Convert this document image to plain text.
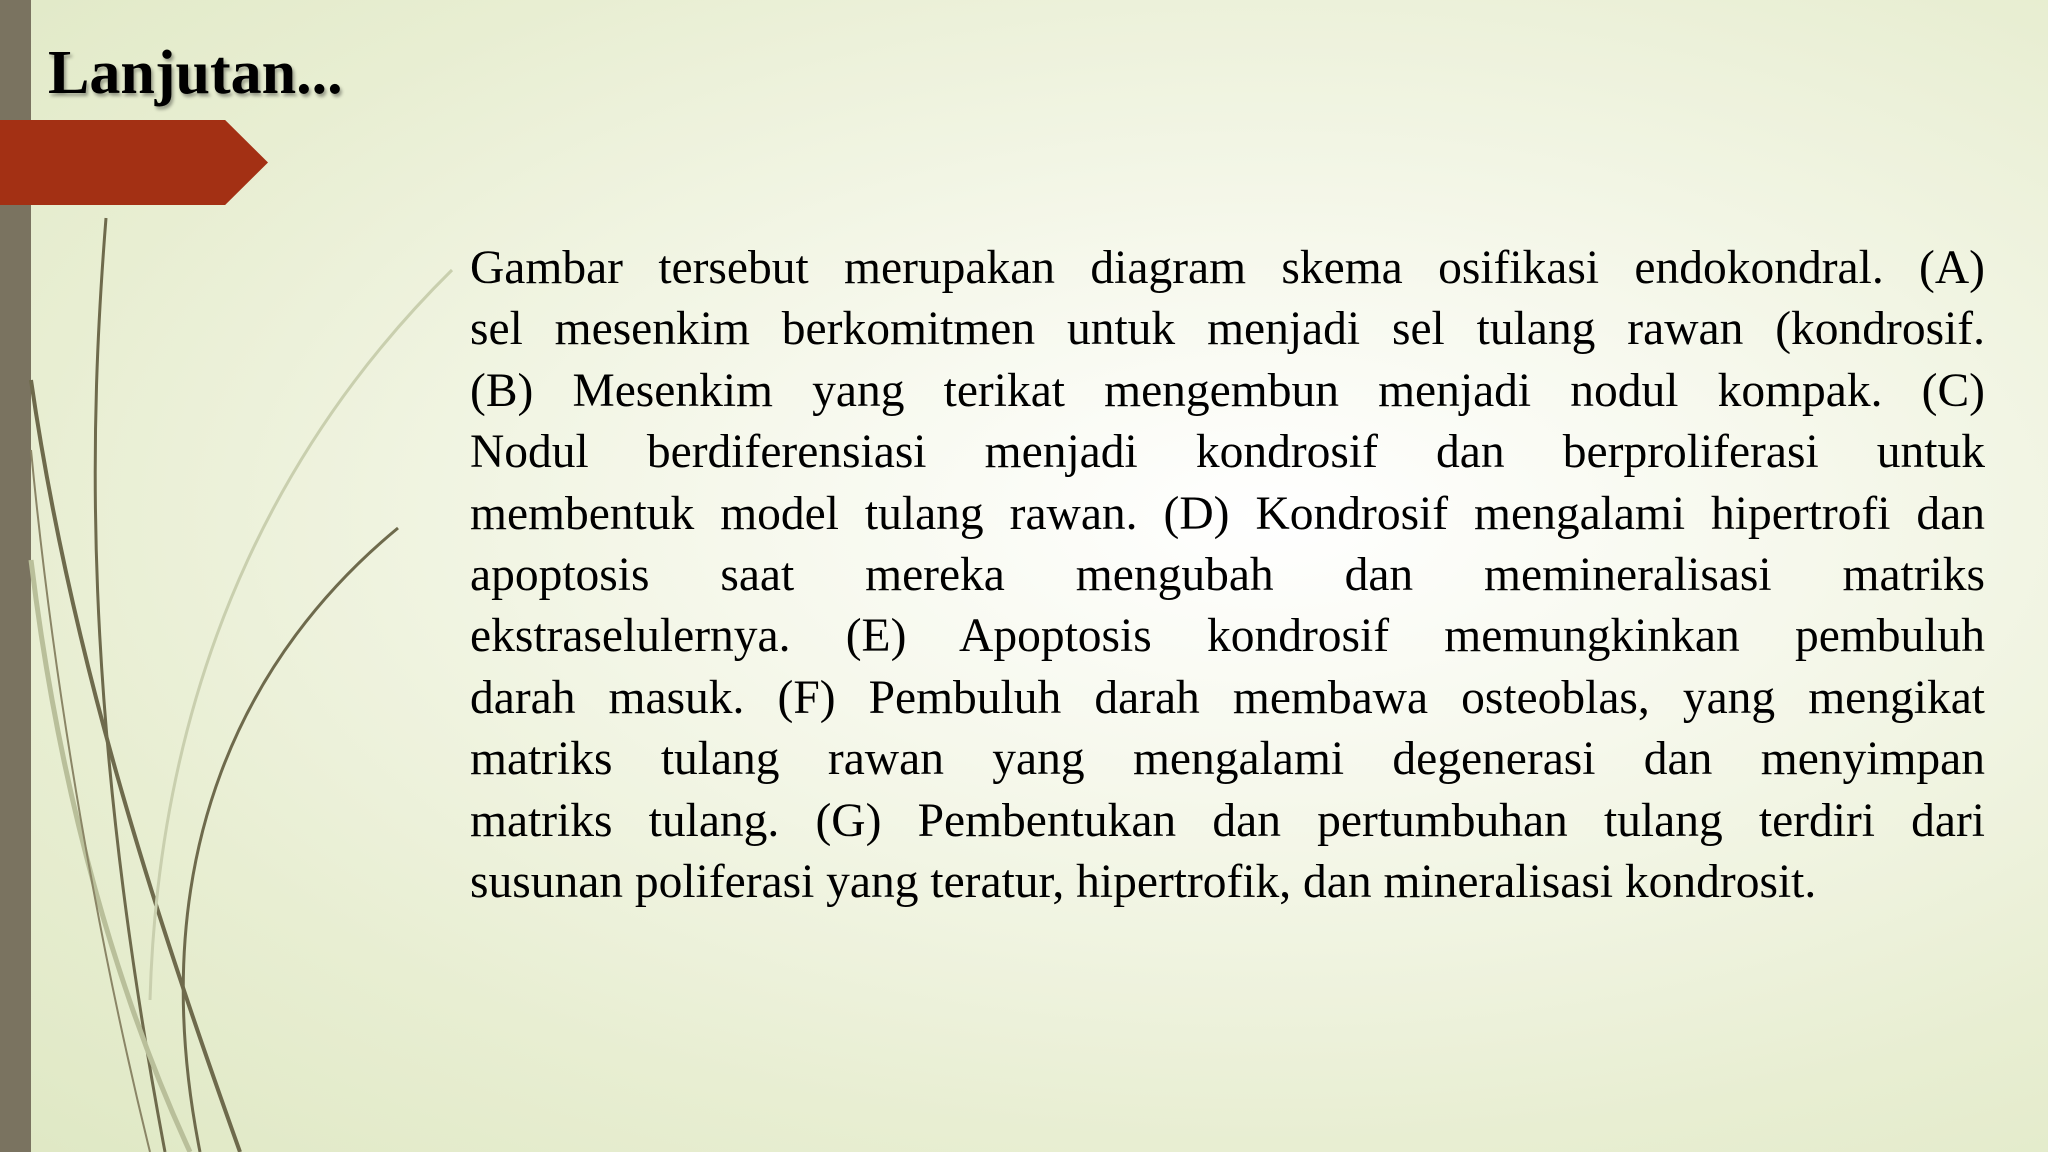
Lanjutan...
Gambar tersebut merupakan diagram skema osifikasi endokondral. (A)
sel mesenkim berkomitmen untuk menjadi sel tulang rawan (kondrosif.
(B) Mesenkim yang terikat mengembun menjadi nodul kompak. (C)
Nodul berdiferensiasi menjadi kondrosif dan berproliferasi untuk
membentuk model tulang rawan. (D) Kondrosif mengalami hipertrofi dan
apoptosis saat mereka mengubah dan memineralisasi matriks
ekstraselulernya. (E) Apoptosis kondrosif memungkinkan pembuluh
darah masuk. (F) Pembuluh darah membawa osteoblas, yang mengikat
matriks tulang rawan yang mengalami degenerasi dan menyimpan
matriks tulang. (G) Pembentukan dan pertumbuhan tulang terdiri dari
susunan poliferasi yang teratur, hipertrofik, dan mineralisasi kondrosit.
